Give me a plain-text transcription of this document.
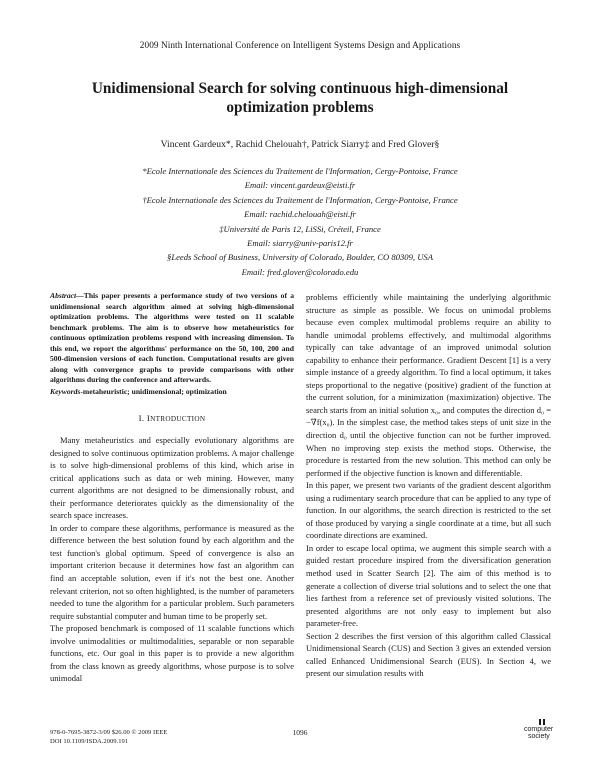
2009 Ninth International Conference on Intelligent Systems Design and Applications
Unidimensional Search for solving continuous high-dimensional optimization problems
Vincent Gardeux*, Rachid Chelouah†, Patrick Siarry‡ and Fred Glover§
*Ecole Internationale des Sciences du Traitement de l'Information, Cergy-Pontoise, France
Email: vincent.gardeux@eisti.fr
†Ecole Internationale des Sciences du Traitement de l'Information, Cergy-Pontoise, France
Email: rachid.chelouah@eisti.fr
‡Université de Paris 12, LiSSi, Créteil, France
Email: siarry@univ-paris12.fr
§Leeds School of Business, University of Colorado, Boulder, CO 80309, USA
Email: fred.glover@colorado.edu

Abstract—This paper presents a performance study of two versions of a unidimensional search algorithm aimed at solving high-dimensional optimization problems. The algorithms were tested on 11 scalable benchmark problems. The aim is to observe how metaheuristics for continuous optimization problems respond with increasing dimension. To this end, we report the algorithms' performance on the 50, 100, 200 and 500-dimension versions of each function. Computational results are given along with convergence graphs to provide comparisons with other algorithms during the conference and afterwards.

Keywords-metaheuristic; unidimensional; optimization

I. INTRODUCTION

Many metaheuristics and especially evolutionary algorithms are designed to solve continuous optimization problems. A major challenge is to solve high-dimensional problems of this kind, which arise in critical applications such as data or web mining. However, many current algorithms are not designed to be dimensionally robust, and their performance deteriorates quickly as the dimensionality of the search space increases.

In order to compare these algorithms, performance is measured as the difference between the best solution found by each algorithm and the test function's global optimum. Speed of convergence is also an important criterion because it determines how fast an algorithm can find an acceptable solution, even if it's not the best one. Another relevant criterion, not so often highlighted, is the number of parameters needed to tune the algorithm for a particular problem. Such parameters require substantial computer and human time to be properly set.

The proposed benchmark is composed of 11 scalable functions which involve unimodalities or multimodalities, separable or non separable functions, etc. Our goal in this paper is to provide a new algorithm from the class known as greedy algorithms, whose purpose is to solve unimodal

problems efficiently while maintaining the underlying algorithmic structure as simple as possible. We focus on unimodal problems because even complex multimodal problems require an ability to handle unimodal problems effectively, and multimodal algorithms typically can take advantage of an improved unimodal solution capability to enhance their performance. Gradient Descent [1] is a very simple instance of a greedy algorithm. To find a local optimum, it takes steps proportional to the negative (positive) gradient of the function at the current solution, for a minimization (maximization) objective. The search starts from an initial solution x₀, and computes the direction d₀ = −∇f(x₀). In the simplest case, the method takes steps of unit size in the direction d₀ until the objective function can not be further improved. When no improving step exists the method stops. Otherwise, the procedure is restarted from the new solution. This method can only be performed if the objective function is known and differentiable.

In this paper, we present two variants of the gradient descent algorithm using a rudimentary search procedure that can be applied to any type of function. In our algorithms, the search direction is restricted to the set of those produced by varying a single coordinate at a time, but all such coordinate directions are examined.

In order to escape local optima, we augment this simple search with a guided restart procedure inspired from the diversification generation method used in Scatter Search [2]. The aim of this method is to generate a collection of diverse trial solutions and to select the one that lies farthest from a reference set of previously visited solutions. The presented algorithms are not only easy to implement but also parameter-free.

Section 2 describes the first version of this algorithm called Classical Unidimensional Search (CUS) and Section 3 gives an extended version called Enhanced Unidimensional Search (EUS). In Section 4, we present our simulation results with

978-0-7695-3872-3/09 $26.00 © 2009 IEEE
DOI 10.1109/ISDA.2009.191
1096	computer
society
